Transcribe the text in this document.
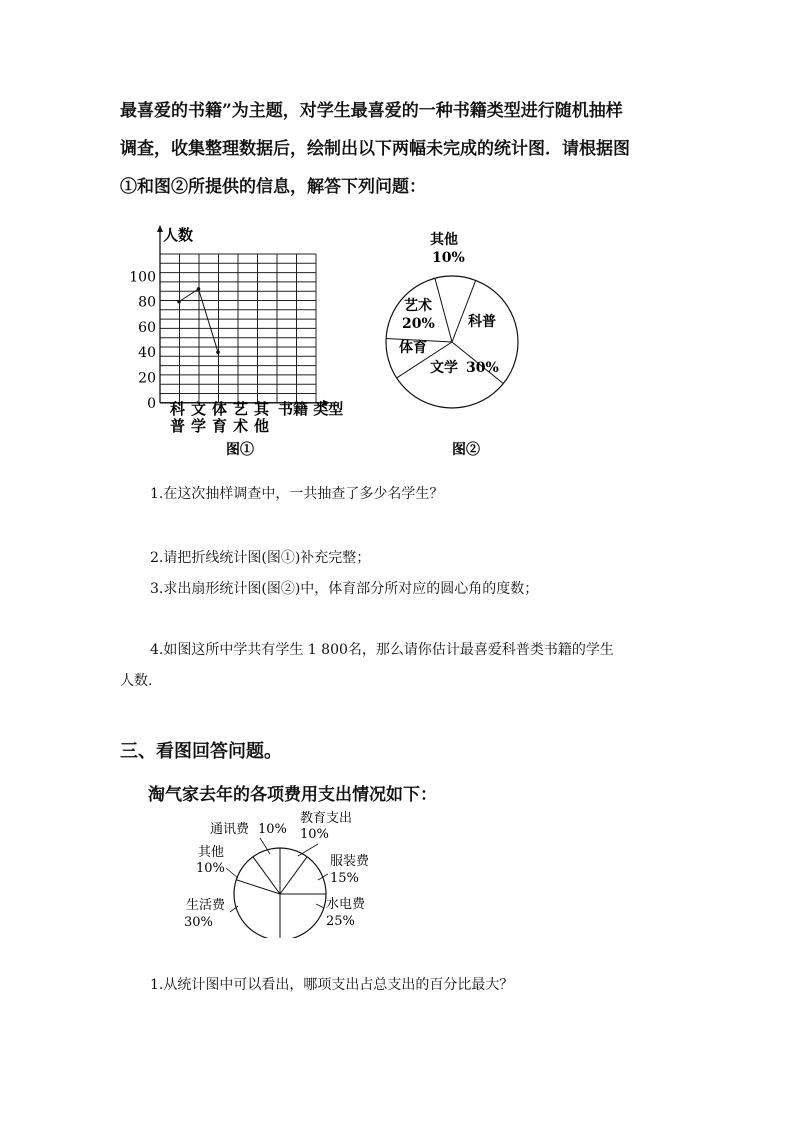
最喜爱的书籍”为主题，对学生最喜爱的一种书籍类型进行随机抽样

调查，收集整理数据后，绘制出以下两幅未完成的统计图．请根据图

①和图②所提供的信息，解答下列问题：

人数
0
20
40
60
80
100
科
普
文
学
体
育
艺
术
其
他
书籍 类型
图①
其他
10%
科普
文学 30%
体育
艺术
20%
图②
1.在这次抽样调查中，一共抽查了多少名学生？
2.请把折线统计图(图①)补充完整；
3.求出扇形统计图(图②)中，体育部分所对应的圆心角的度数；
4.如图这所中学共有学生 1 800名，那么请你估计最喜爱科普类书籍的学生
人数.
三、看图回答问题。
淘气家去年的各项费用支出情况如下：
通讯费 10%
教育支出
10%
其他
10%	服装费
15%
生活费
30%
水电费
25%
1.从统计图中可以看出，哪项支出占总支出的百分比最大？
